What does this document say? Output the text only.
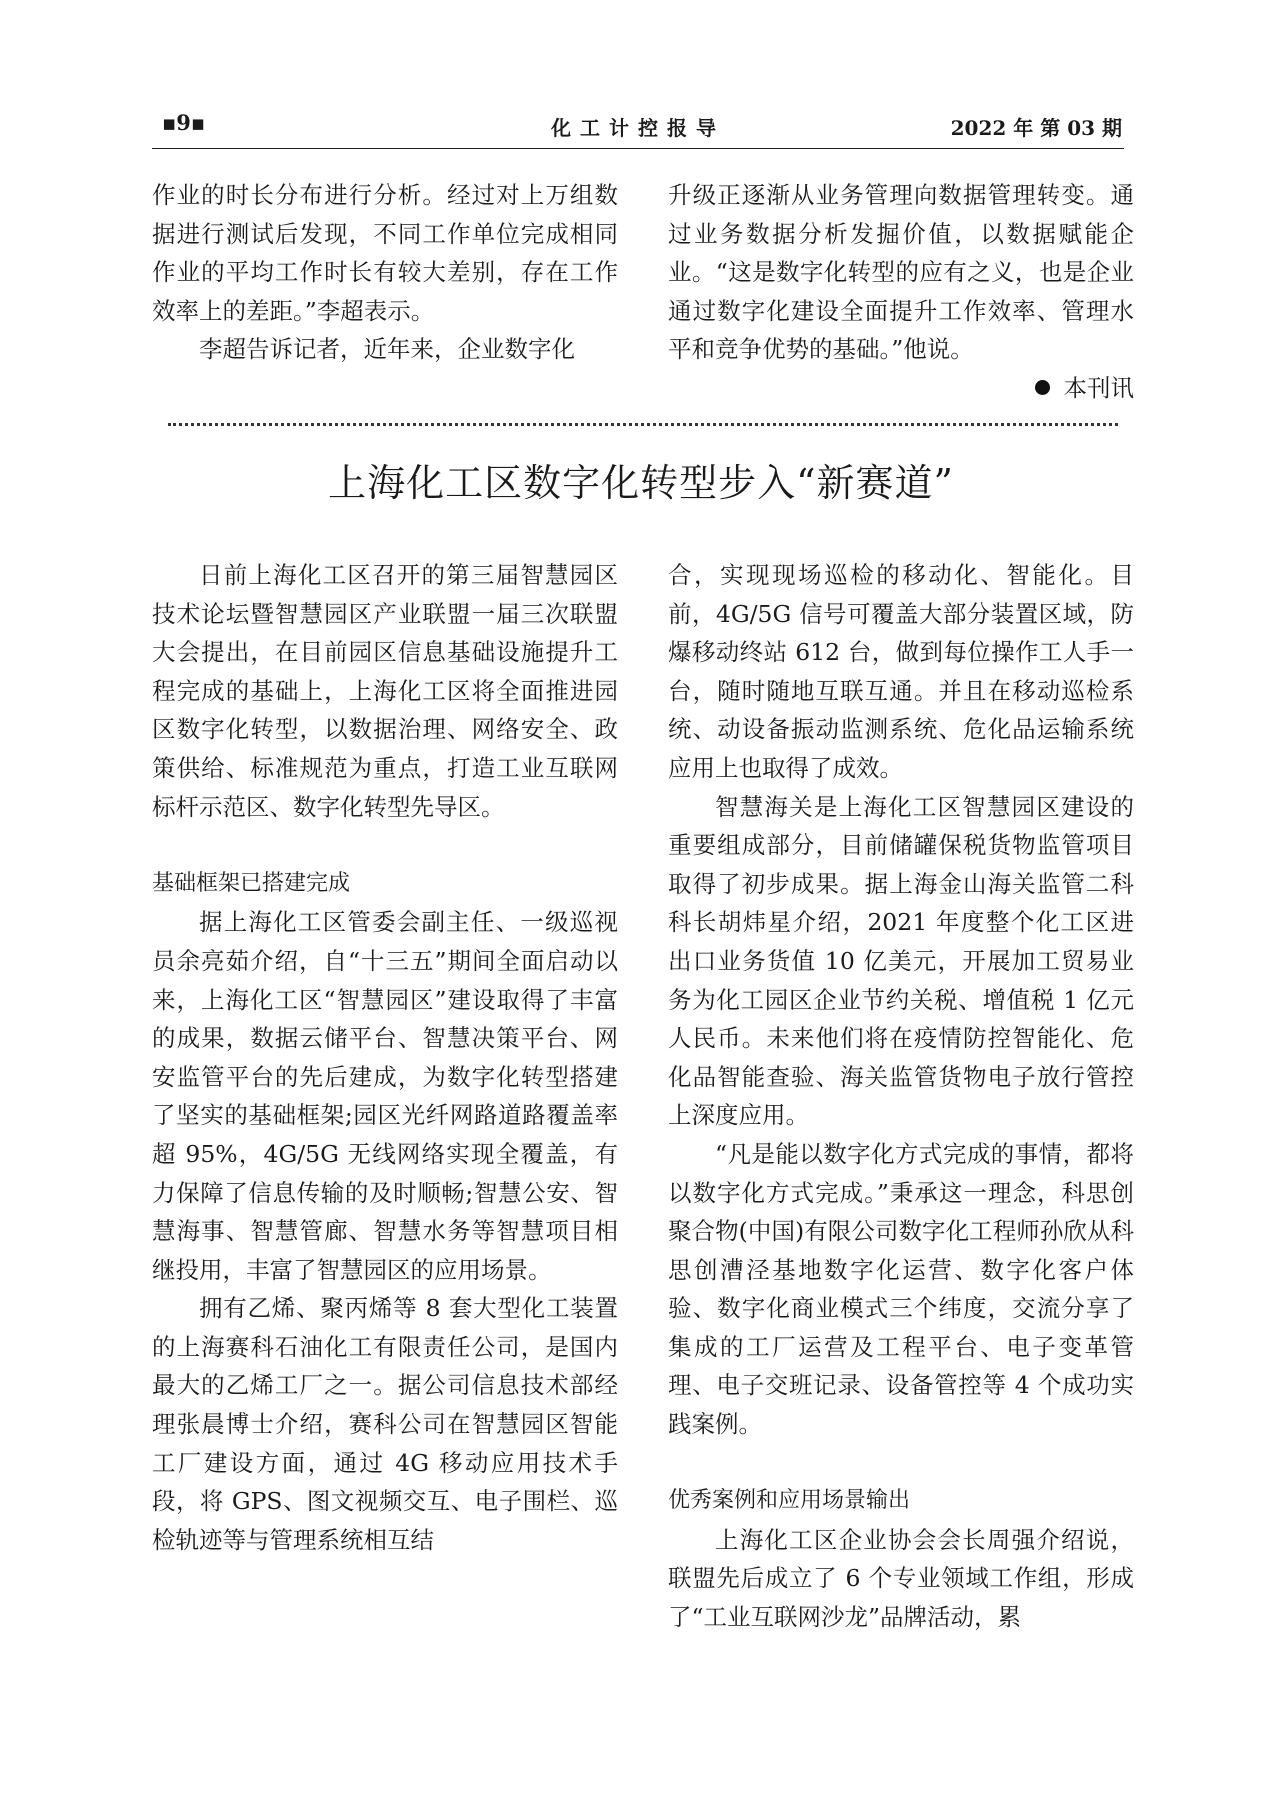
▪9▪	化工计控报导	2022 年 第 03 期

作业的时长分布进行分析。经过对上万组数据进行测试后发现，不同工作单位完成相同作业的平均工作时长有较大差别，存在工作效率上的差距。”李超表示。

李超告诉记者，近年来，企业数字化

升级正逐渐从业务管理向数据管理转变。通过业务数据分析发掘价值，以数据赋能企业。“这是数字化转型的应有之义，也是企业通过数字化建设全面提升工作效率、管理水平和竞争优势的基础。”他说。

本刊讯

上海化工区数字化转型步入“新赛道”

日前上海化工区召开的第三届智慧园区技术论坛暨智慧园区产业联盟一届三次联盟大会提出，在目前园区信息基础设施提升工程完成的基础上，上海化工区将全面推进园区数字化转型，以数据治理、网络安全、政策供给、标准规范为重点，打造工业互联网标杆示范区、数字化转型先导区。

基础框架已搭建完成

据上海化工区管委会副主任、一级巡视员余亮茹介绍，自“十三五”期间全面启动以来，上海化工区“智慧园区”建设取得了丰富的成果，数据云储平台、智慧决策平台、网安监管平台的先后建成，为数字化转型搭建了坚实的基础框架;园区光纤网路道路覆盖率超 95%，4G/5G 无线网络实现全覆盖，有力保障了信息传输的及时顺畅;智慧公安、智慧海事、智慧管廊、智慧水务等智慧项目相继投用，丰富了智慧园区的应用场景。

拥有乙烯、聚丙烯等 8 套大型化工装置的上海赛科石油化工有限责任公司，是国内最大的乙烯工厂之一。据公司信息技术部经理张晨博士介绍，赛科公司在智慧园区智能工厂建设方面，通过 4G 移动应用技术手段，将 GPS、图文视频交互、电子围栏、巡检轨迹等与管理系统相互结

合，实现现场巡检的移动化、智能化。目前，4G/5G 信号可覆盖大部分装置区域，防爆移动终站 612 台，做到每位操作工人手一台，随时随地互联互通。并且在移动巡检系统、动设备振动监测系统、危化品运输系统应用上也取得了成效。

智慧海关是上海化工区智慧园区建设的重要组成部分，目前储罐保税货物监管项目取得了初步成果。据上海金山海关监管二科科长胡炜星介绍，2021 年度整个化工区进出口业务货值 10 亿美元，开展加工贸易业务为化工园区企业节约关税、增值税 1 亿元人民币。未来他们将在疫情防控智能化、危化品智能查验、海关监管货物电子放行管控上深度应用。

“凡是能以数字化方式完成的事情，都将以数字化方式完成。”秉承这一理念，科思创聚合物(中国)有限公司数字化工程师孙欣从科思创漕泾基地数字化运营、数字化客户体验、数字化商业模式三个纬度，交流分享了集成的工厂运营及工程平台、电子变革管理、电子交班记录、设备管控等 4 个成功实践案例。

优秀案例和应用场景输出

上海化工区企业协会会长周强介绍说，联盟先后成立了 6 个专业领域工作组，形成了“工业互联网沙龙”品牌活动，累
